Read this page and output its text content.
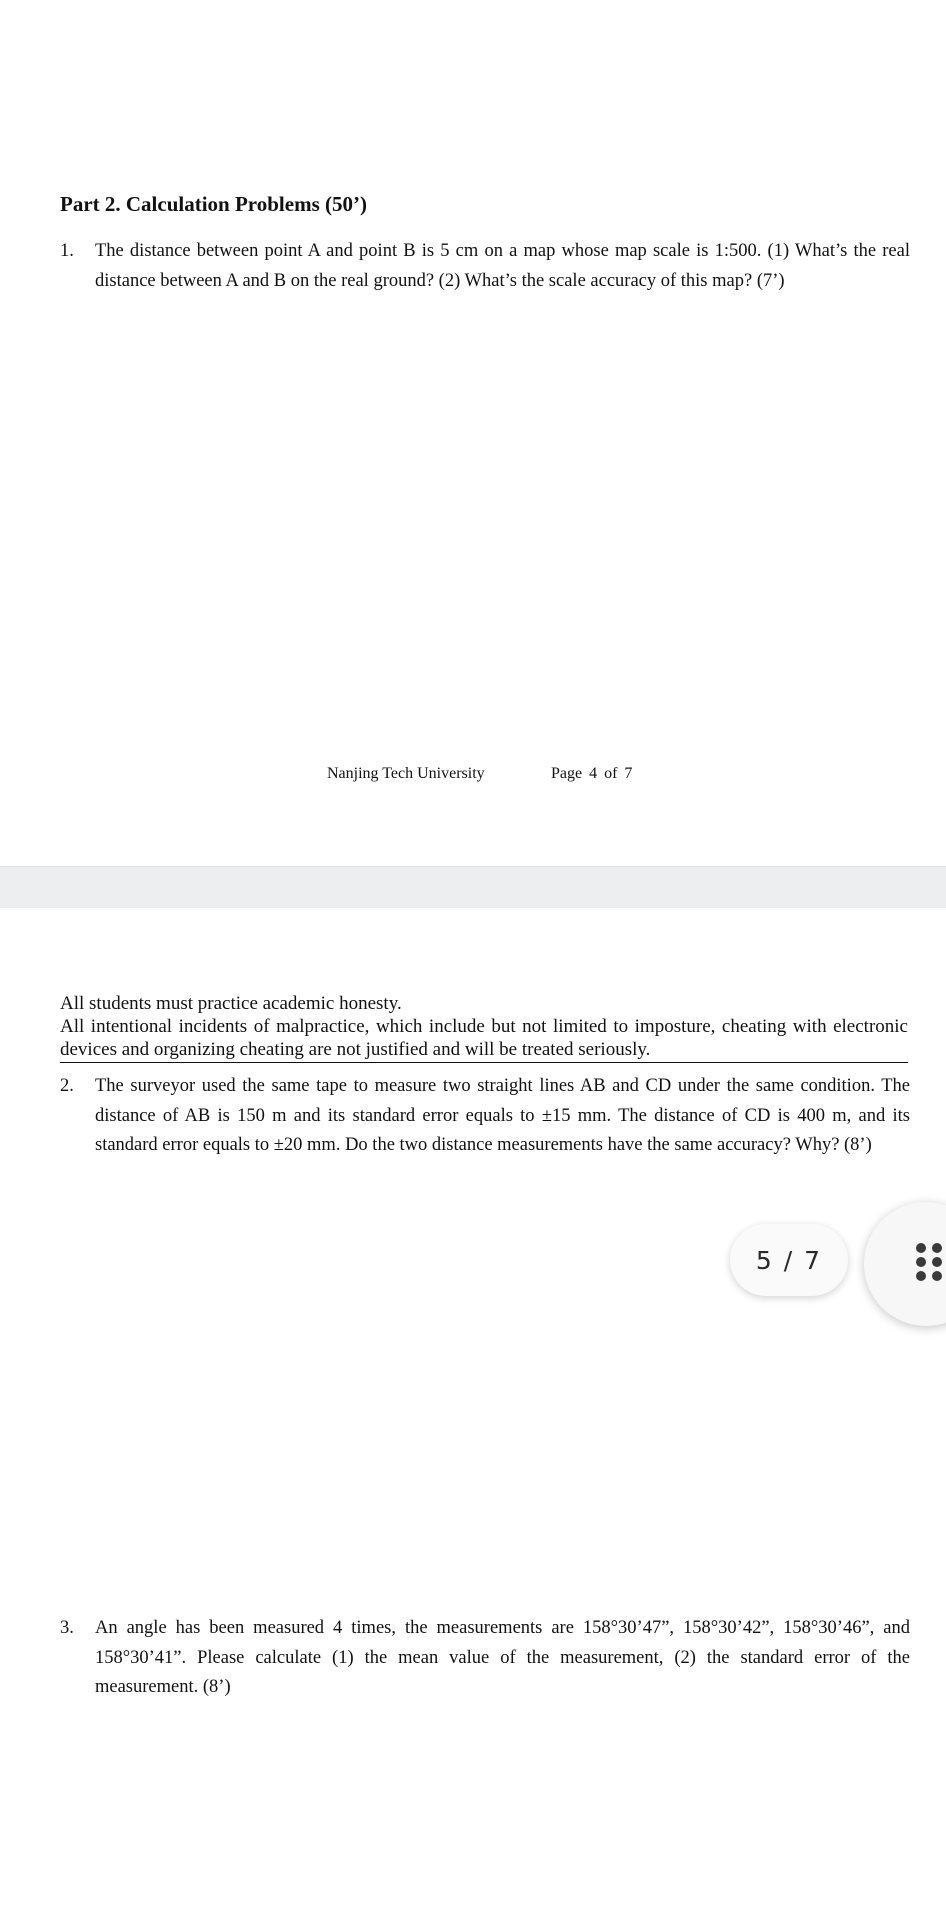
Part 2. Calculation Problems (50’)
1. The distance between point A and point B is 5 cm on a map whose map scale is 1:500. (1) What’s the real distance between A and B on the real ground? (2) What’s the scale accuracy of this map? (7’)
Nanjing Tech University	Page 4 of 7
All students must practice academic honesty.
All intentional incidents of malpractice, which include but not limited to imposture, cheating with electronic devices and organizing cheating are not justified and will be treated seriously.
2. The surveyor used the same tape to measure two straight lines AB and CD under the same condition. The distance of AB is 150 m and its standard error equals to ±15 mm. The distance of CD is 400 m, and its standard error equals to ±20 mm. Do the two distance measurements have the same accuracy? Why? (8’)
3. An angle has been measured 4 times, the measurements are 158°30’47”, 158°30’42”, 158°30’46”, and 158°30’41”. Please calculate (1) the mean value of the measurement, (2) the standard error of the measurement. (8’)
5 / 7
